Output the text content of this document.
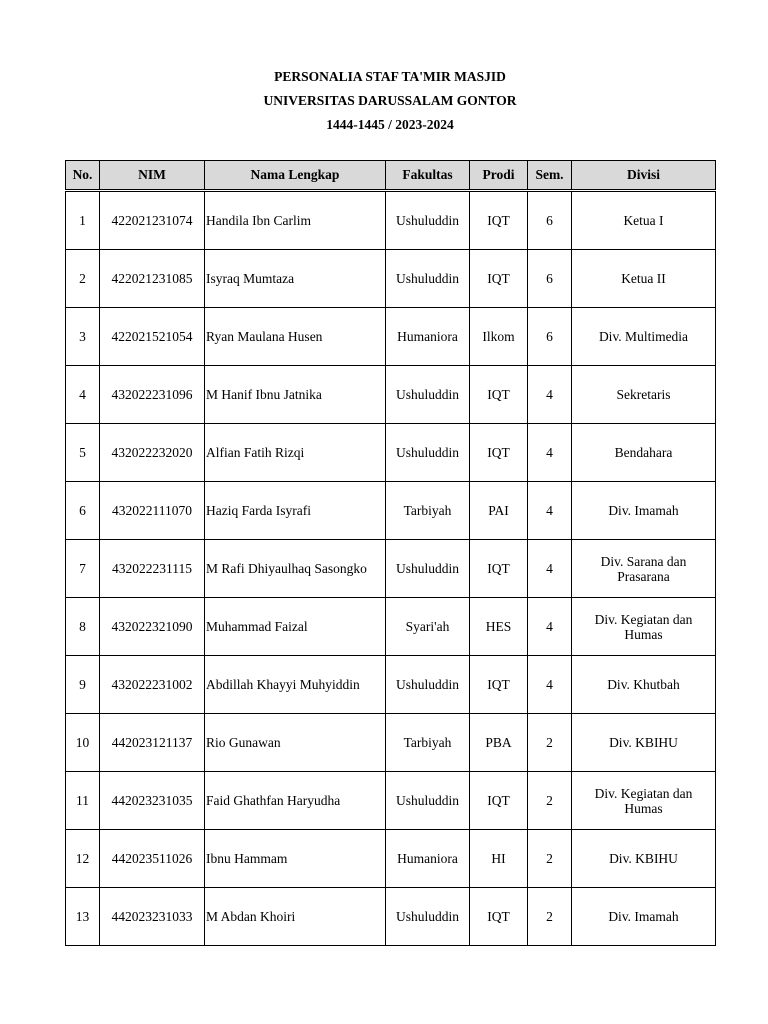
PERSONALIA STAF TA'MIR MASJID
UNIVERSITAS DARUSSALAM GONTOR
1444-1445 / 2023-2024
No.	NIM	Nama Lengkap	Fakultas	Prodi	Sem.	Divisi
1	422021231074	Handila Ibn Carlim	Ushuluddin	IQT	6	Ketua I
2	422021231085	Isyraq Mumtaza	Ushuluddin	IQT	6	Ketua II
3	422021521054	Ryan Maulana Husen	Humaniora	Ilkom	6	Div. Multimedia
4	432022231096	M Hanif Ibnu Jatnika	Ushuluddin	IQT	4	Sekretaris
5	432022232020	Alfian Fatih Rizqi	Ushuluddin	IQT	4	Bendahara
6	432022111070	Haziq Farda Isyrafi	Tarbiyah	PAI	4	Div. Imamah
7	432022231115	M Rafi Dhiyaulhaq Sasongko	Ushuluddin	IQT	4	Div. Sarana dan Prasarana
8	432022321090	Muhammad Faizal	Syari'ah	HES	4	Div. Kegiatan dan Humas
9	432022231002	Abdillah Khayyi Muhyiddin	Ushuluddin	IQT	4	Div. Khutbah
10	442023121137	Rio Gunawan	Tarbiyah	PBA	2	Div. KBIHU
11	442023231035	Faid Ghathfan Haryudha	Ushuluddin	IQT	2	Div. Kegiatan dan Humas
12	442023511026	Ibnu Hammam	Humaniora	HI	2	Div. KBIHU
13	442023231033	M Abdan Khoiri	Ushuluddin	IQT	2	Div. Imamah
